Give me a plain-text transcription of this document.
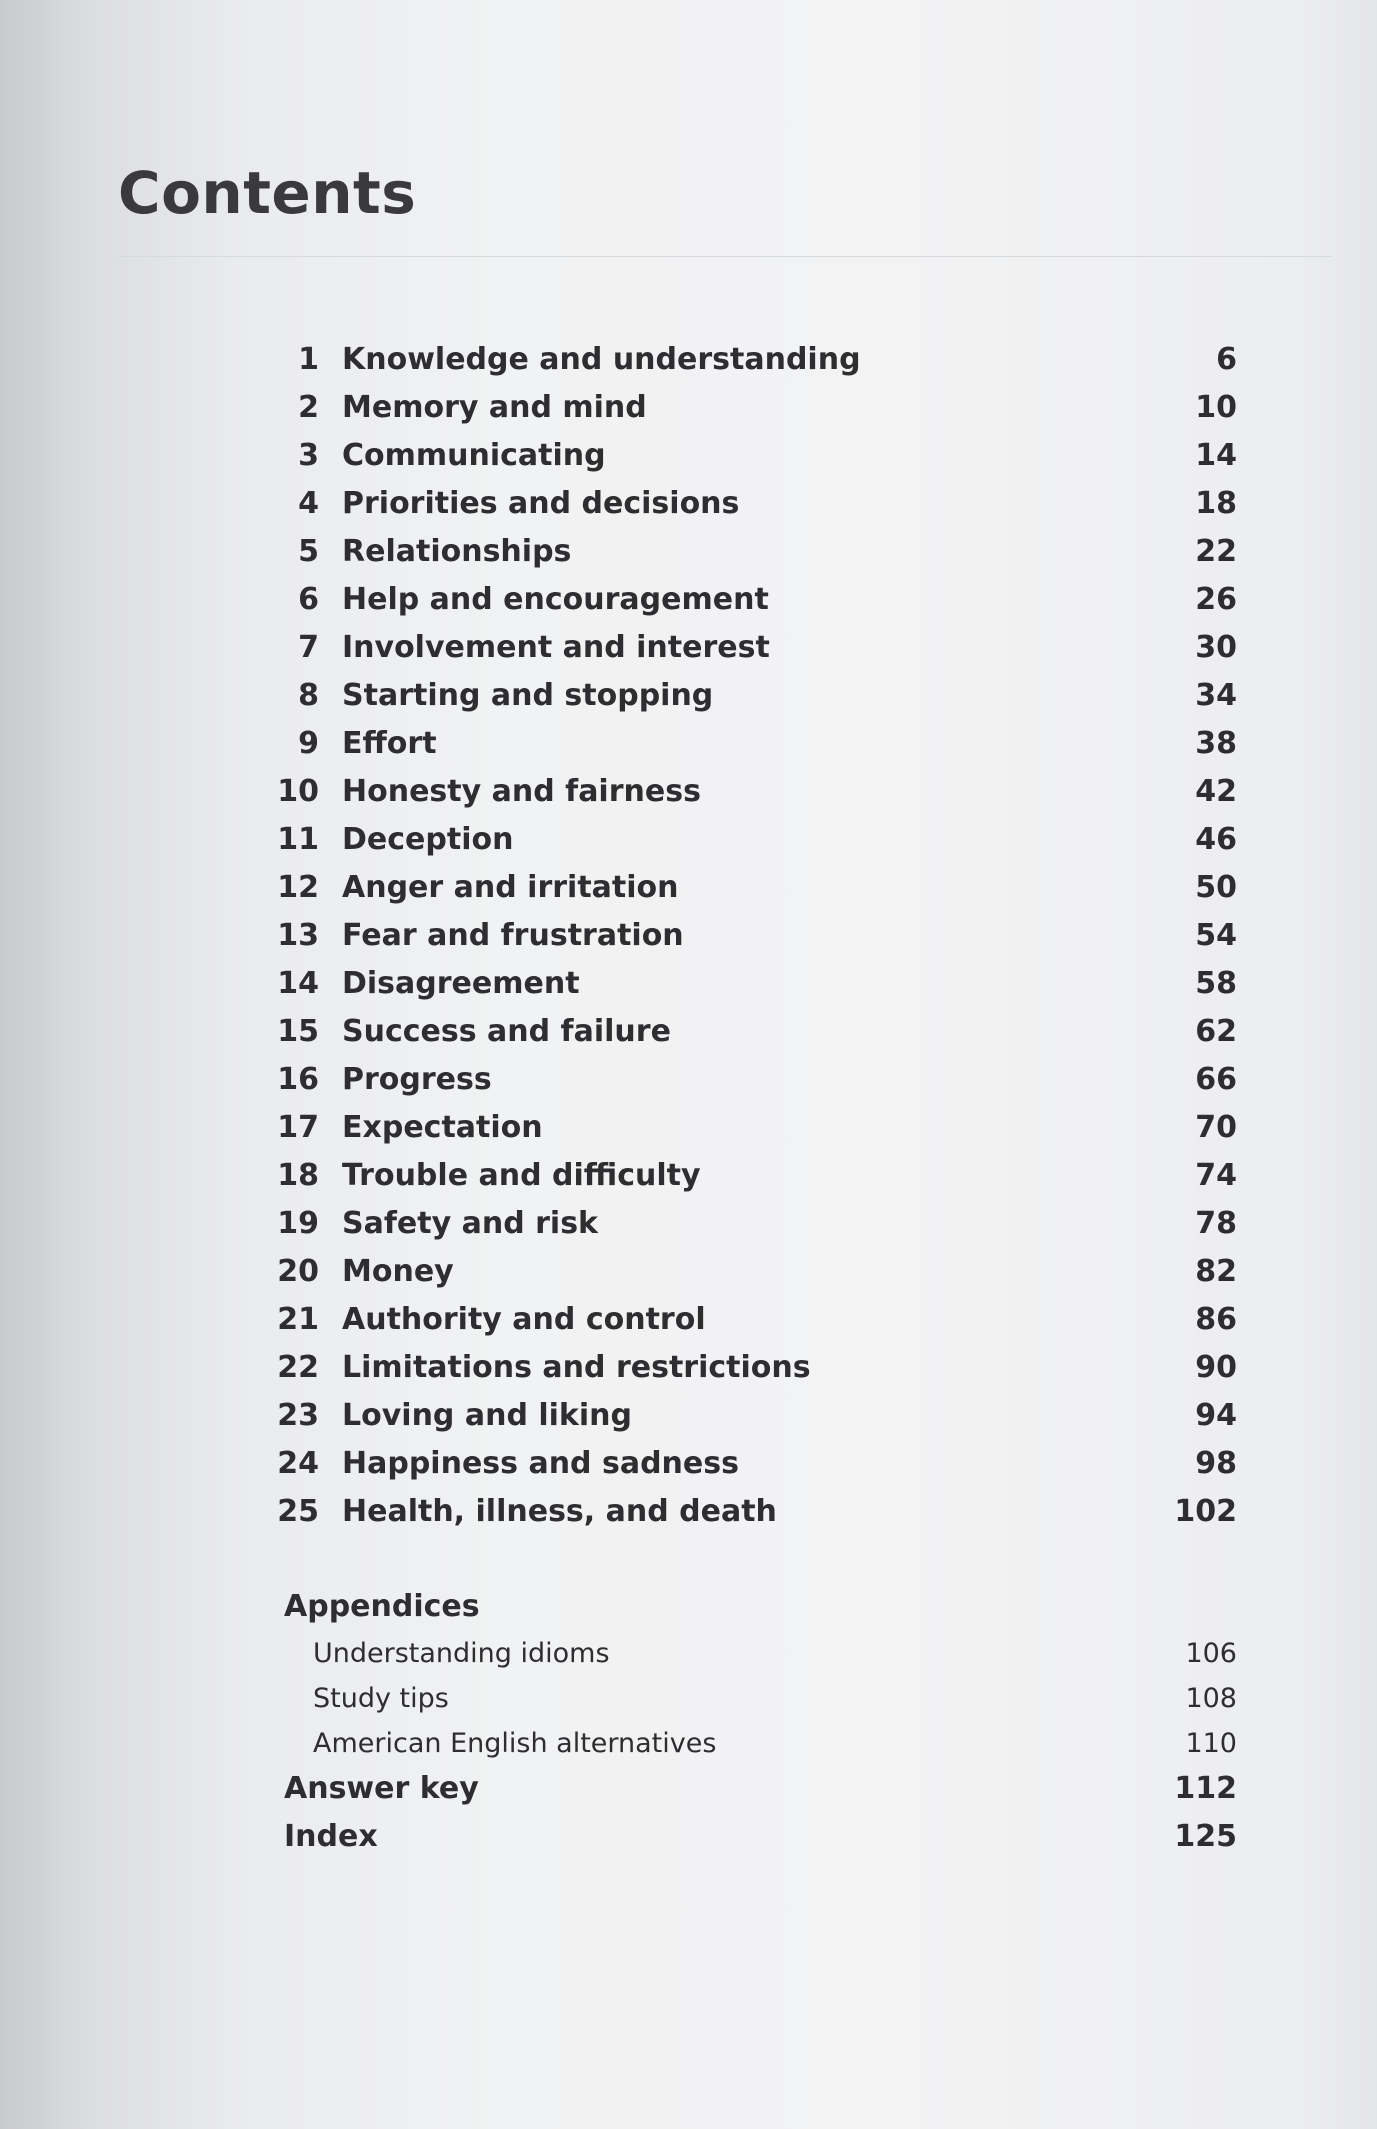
Contents
1 Knowledge and understanding	6
2 Memory and mind	10
3 Communicating	14
4 Priorities and decisions	18
5 Relationships	22
6 Help and encouragement	26
7 Involvement and interest	30
8 Starting and stopping	34
9 Effort	38
10 Honesty and fairness	42
11 Deception	46
12 Anger and irritation	50
13 Fear and frustration	54
14 Disagreement	58
15 Success and failure	62
16 Progress	66
17 Expectation	70
18 Trouble and difficulty	74
19 Safety and risk	78
20 Money	82
21 Authority and control	86
22 Limitations and restrictions	90
23 Loving and liking	94
24 Happiness and sadness	98
25 Health, illness, and death	102
Appendices
Understanding idioms	106
Study tips	108
American English alternatives	110
Answer key	112
Index	125
